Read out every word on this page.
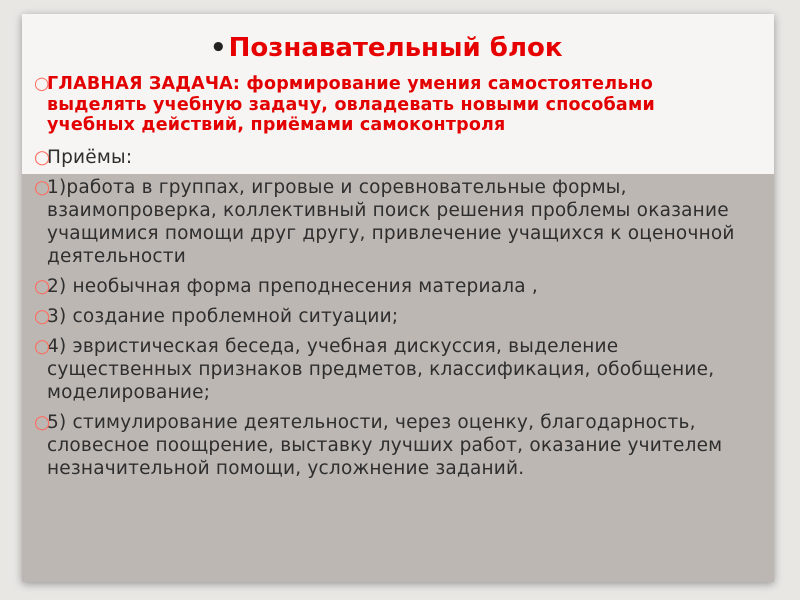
•Познавательный блок

○
ГЛАВНАЯ ЗАДАЧА: формирование умения самостоятельно выделять учебную задачу, овладевать новыми способами учебных действий, приёмами самоконтроля

○
Приёмы:

○
1)работа в группах, игровые и соревновательные формы, взаимопроверка, коллективный поиск решения проблемы оказание учащимися помощи друг другу, привлечение учащихся к оценочной деятельности

○
2) необычная форма преподнесения материала ,

○
3) создание проблемной ситуации;

○
4) эвристическая беседа, учебная дискуссия, выделение существенных признаков предметов, классификация, обобщение, моделирование;

○
5) стимулирование деятельности, через оценку, благодарность, словесное поощрение, выставку лучших работ, оказание учителем незначительной помощи, усложнение заданий.
